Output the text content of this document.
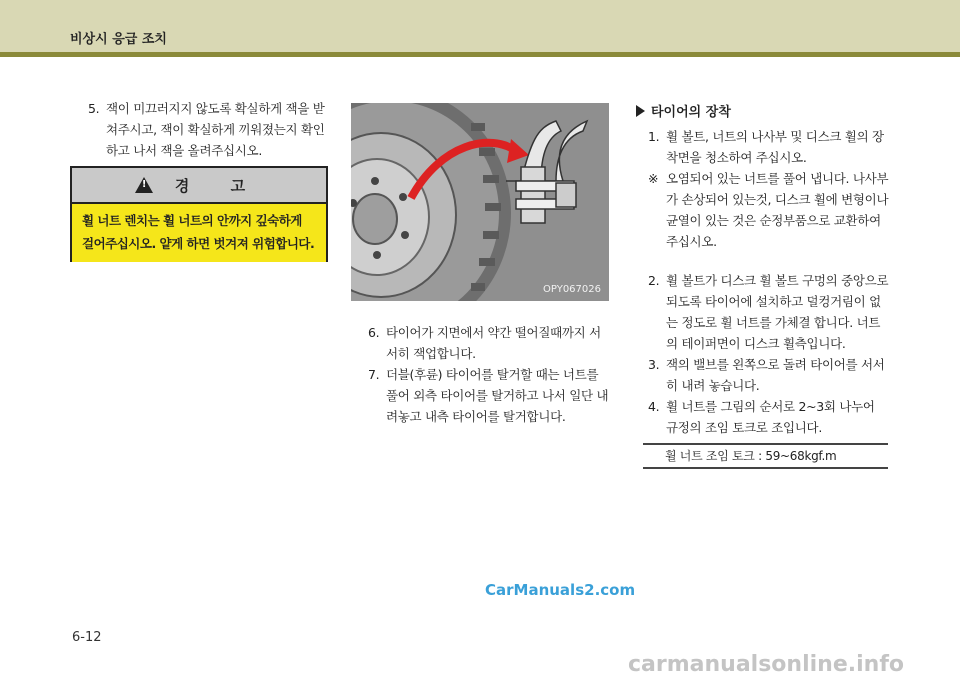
비상시 응급 조치
5. 잭이 미끄러지지 않도록 확실하게 잭을 받쳐주시고, 잭이 확실하게 끼워졌는지 확인하고 나서 잭을 올려주십시오.
!
경 고
휠 너트 렌치는 휠 너트의 안까지 깊숙하게 걸어주십시오. 얕게 하면 벗겨져 위험합니다.
OPY067026
6. 타이어가 지면에서 약간 떨어질때까지 서서히 잭업합니다.
7. 더블(후륜) 타이어를 탈거할 때는 너트를 풀어 외측 타이어를 탈거하고 나서 일단 내려놓고 내측 타이어를 탈거합니다.
타이어의 장착
1. 휠 볼트, 너트의 나사부 및 디스크 휠의 장착면을 청소하여 주십시오.
※ 오염되어 있는 너트를 풀어 냅니다. 나사부가 손상되어 있는것, 디스크 휠에 변형이나 균열이 있는 것은 순정부품으로 교환하여 주십시오.
2. 휠 볼트가 디스크 휠 볼트 구멍의 중앙으로 되도록 타이어에 설치하고 덜컹거림이 없는 정도로 휠 너트를 가체결 합니다. 너트의 테이퍼면이 디스크 휠측입니다.
3. 잭의 밸브를 왼쪽으로 돌려 타이어를 서서히 내려 놓습니다.
4. 휠 너트를 그림의 순서로 2~3회 나누어 규정의 조임 토크로 조입니다.
휠 너트 조임 토크 : 59~68kgf.m
6-12
CarManuals2.com
carmanualsonline.info
